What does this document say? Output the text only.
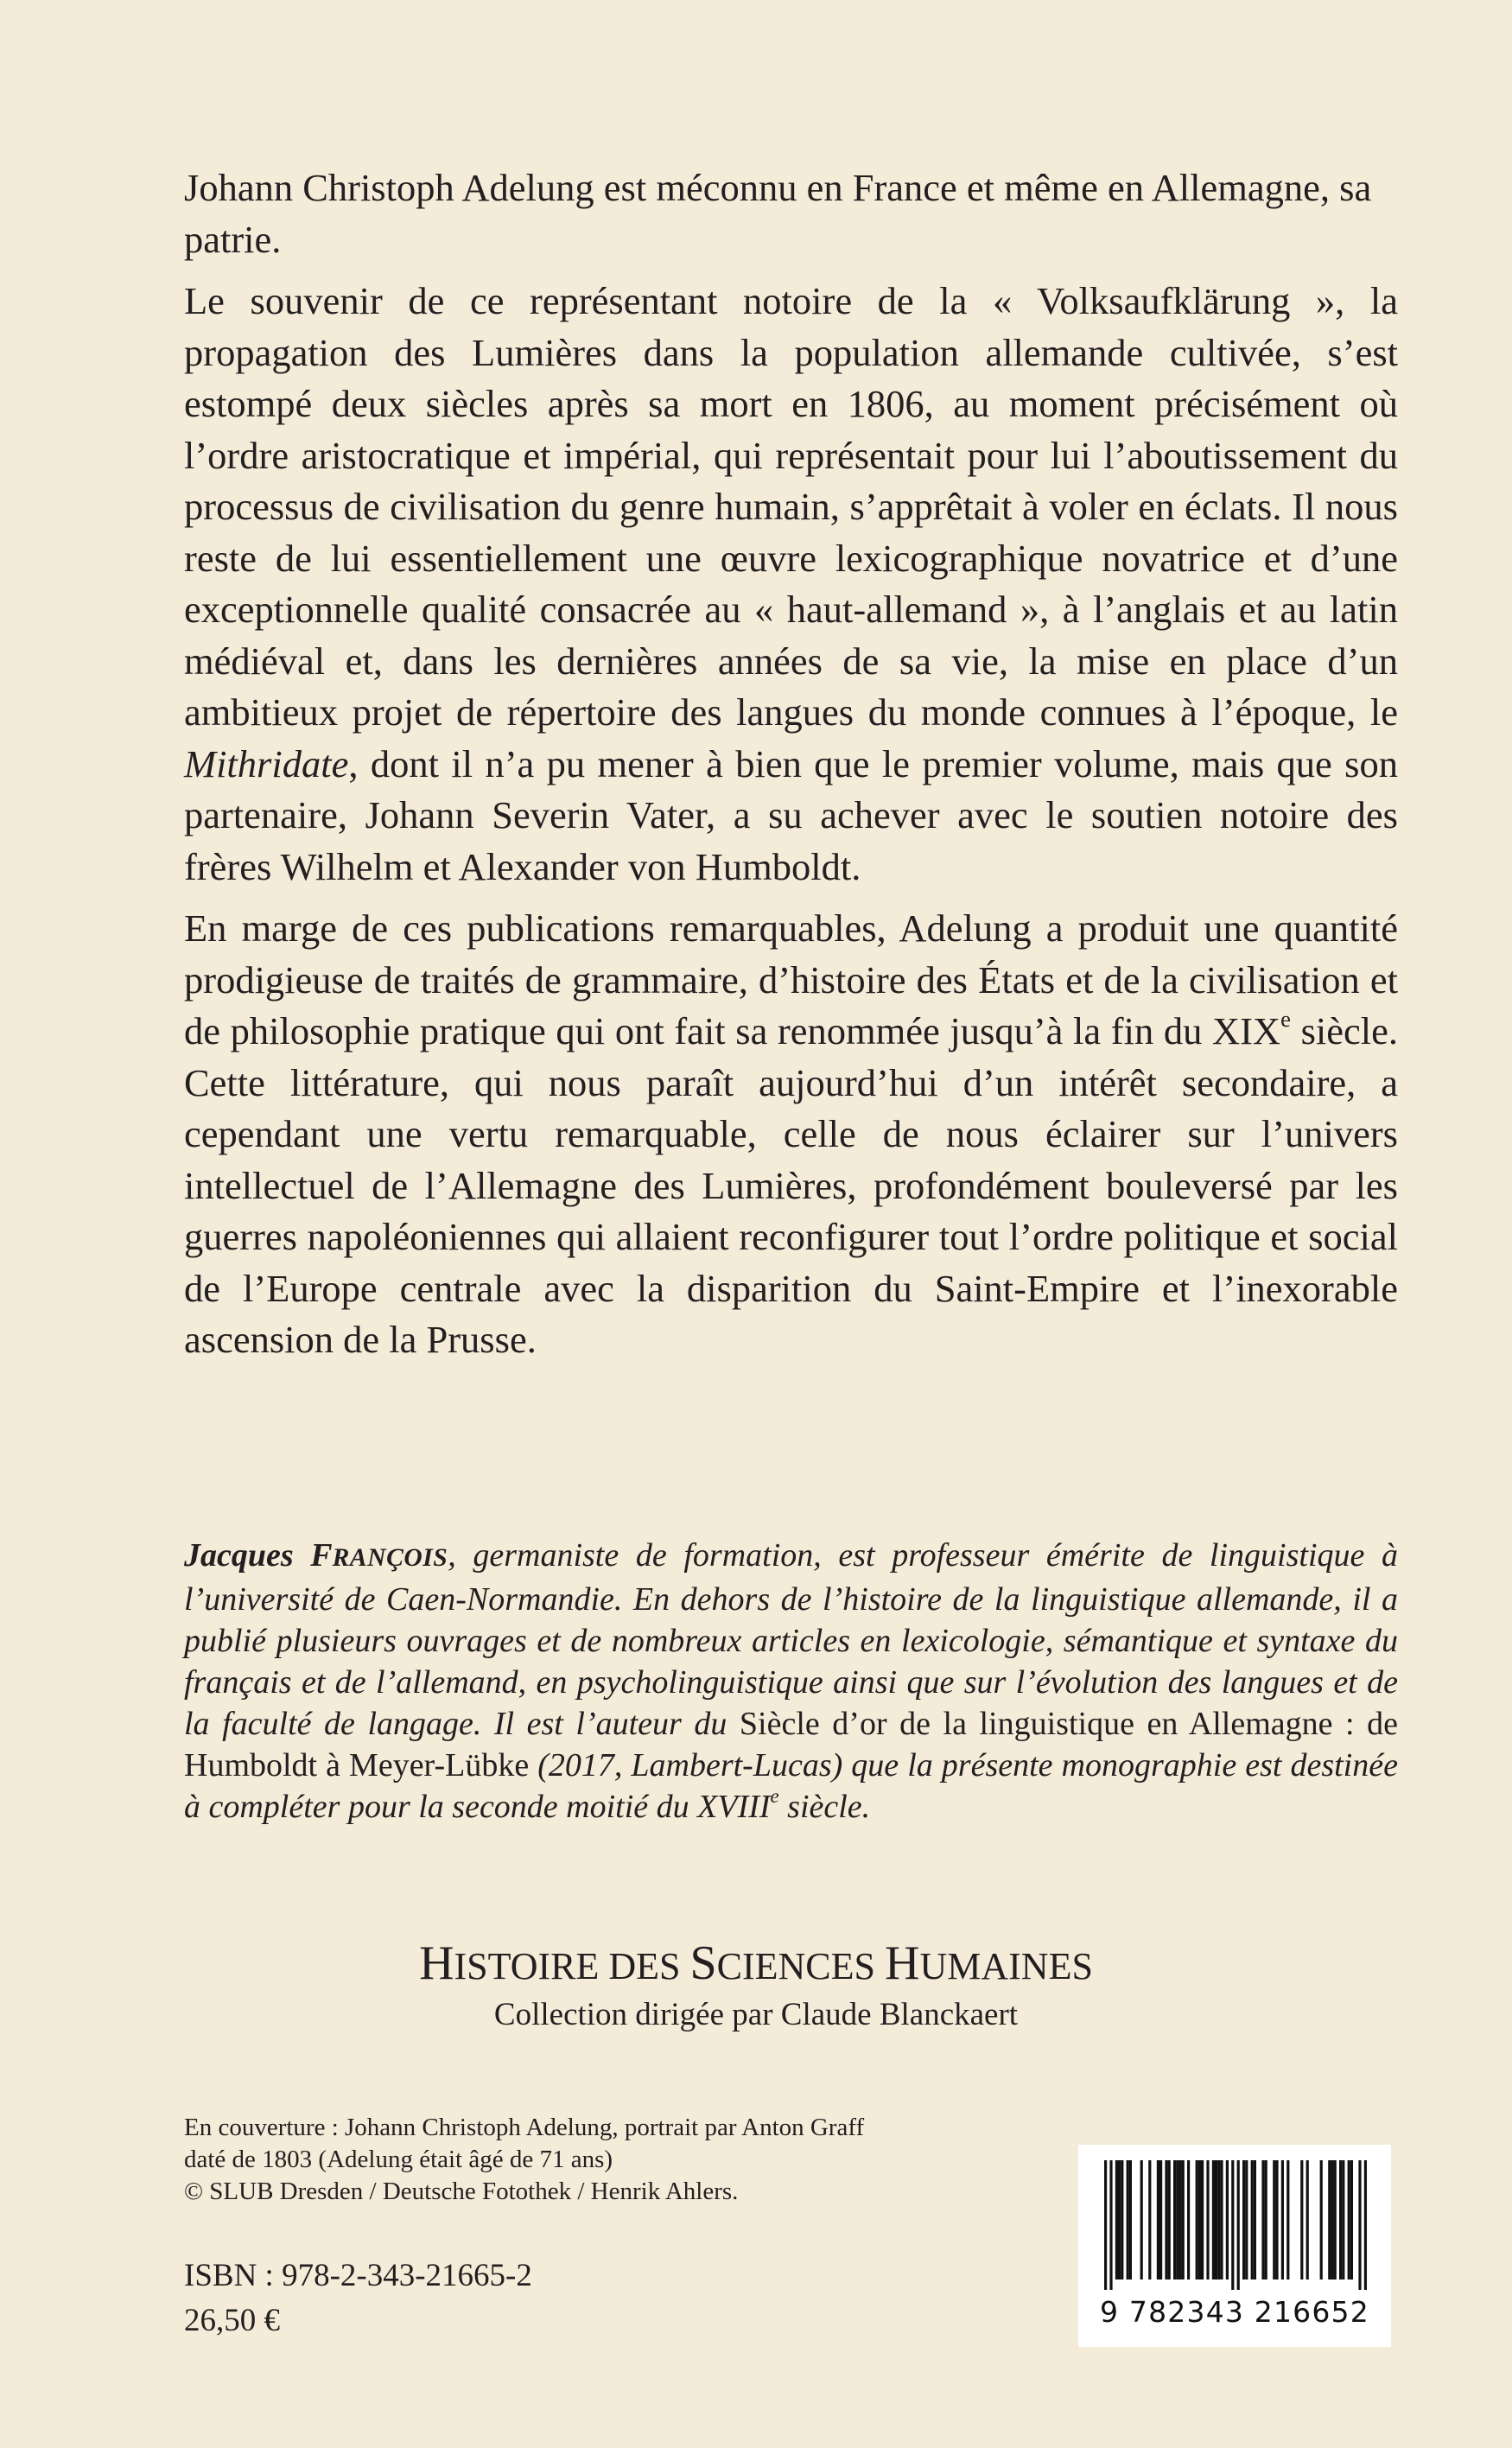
Johann Christoph Adelung est méconnu en France et même en Allemagne, sa patrie.

Le souvenir de ce représentant notoire de la « Volksaufklärung », la propagation des Lumières dans la population allemande cultivée, s’est estompé deux siècles après sa mort en 1806, au moment précisément où l’ordre aristocratique et impérial, qui représentait pour lui l’aboutissement du processus de civilisation du genre humain, s’apprêtait à voler en éclats. Il nous reste de lui essentiellement une œuvre lexicographique novatrice et d’une exceptionnelle qualité consacrée au « haut-allemand », à l’anglais et au latin médiéval et, dans les dernières années de sa vie, la mise en place d’un ambitieux projet de répertoire des langues du monde connues à l’époque, le Mithridate, dont il n’a pu mener à bien que le premier volume, mais que son partenaire, Johann Severin Vater, a su achever avec le soutien notoire des frères Wilhelm et Alexander von Humboldt.

En marge de ces publications remarquables, Adelung a produit une quantité prodigieuse de traités de grammaire, d’histoire des États et de la civilisation et de philosophie pratique qui ont fait sa renommée jusqu’à la fin du XIXe siècle. Cette littérature, qui nous paraît aujourd’hui d’un intérêt secondaire, a cependant une vertu remarquable, celle de nous éclairer sur l’univers intellectuel de l’Allemagne des Lumières, profondément bouleversé par les guerres napoléoniennes qui allaient reconfigurer tout l’ordre politique et social de l’Europe centrale avec la disparition du Saint-Empire et l’inexorable ascension de la Prusse.

Jacques FRANÇOIS, germaniste de formation, est professeur émérite de linguistique à l’université de Caen-Normandie. En dehors de l’histoire de la linguistique allemande, il a publié plusieurs ouvrages et de nombreux articles en lexicologie, sémantique et syntaxe du français et de l’allemand, en psycholinguistique ainsi que sur l’évolution des langues et de la faculté de langage. Il est l’auteur du Siècle d’or de la linguistique en Allemagne : de Humboldt à Meyer-Lübke (2017, Lambert-Lucas) que la présente monographie est destinée à compléter pour la seconde moitié du XVIIIe siècle.
HISTOIRE DES SCIENCES HUMAINES
Collection dirigée par Claude Blanckaert
En couverture : Johann Christoph Adelung, portrait par Anton Graff
daté de 1803 (Adelung était âgé de 71 ans)
© SLUB Dresden / Deutsche Fotothek / Henrik Ahlers.
ISBN : 978-2-343-21665-2
26,50 €	9 782343 216652
